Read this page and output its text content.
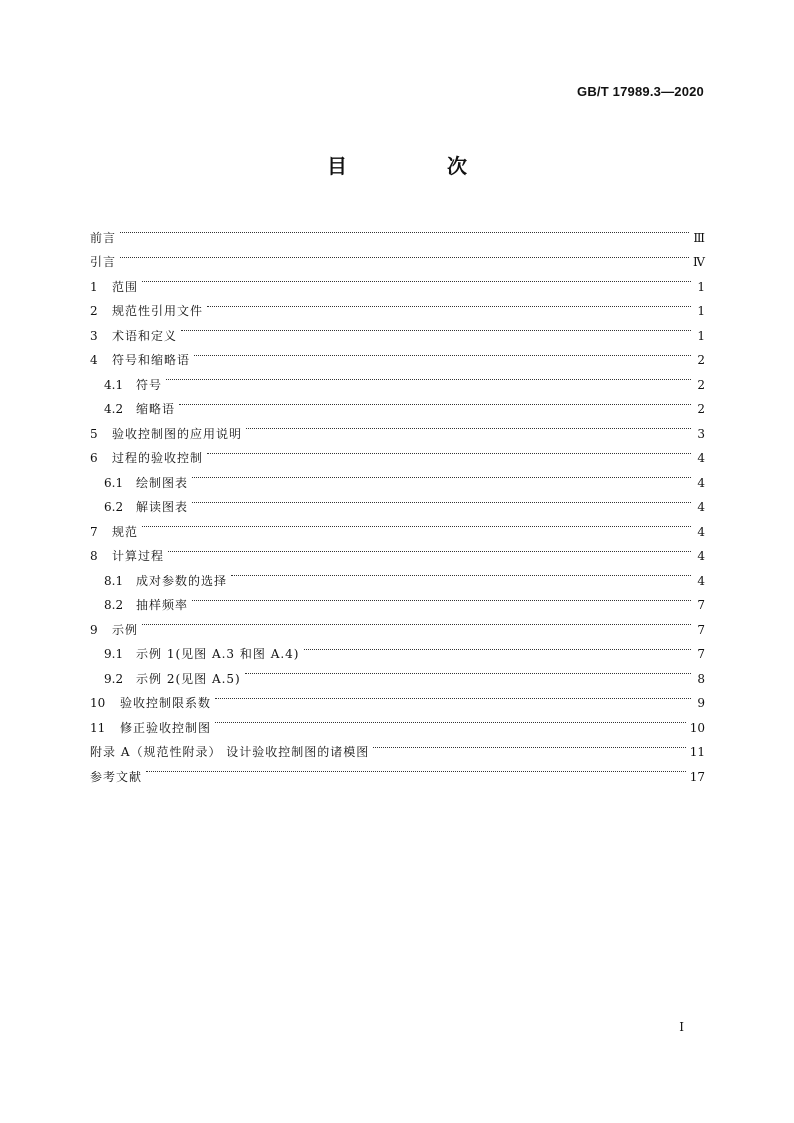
GB/T 17989.3—2020
目　次
前言	Ⅲ
引言	Ⅳ
1	范围	1
2	规范性引用文件	1
3	术语和定义	1
4	符号和缩略语	2
4.1	符号	2
4.2	缩略语	2
5	验收控制图的应用说明	3
6	过程的验收控制	4
6.1	绘制图表	4
6.2	解读图表	4
7	规范	4
8	计算过程	4
8.1	成对参数的选择	4
8.2	抽样频率	7
9	示例	7
9.1	示例 1(见图 A.3 和图 A.4)	7
9.2	示例 2(见图 A.5)	8
10	验收控制限系数	9
11	修正验收控制图	10
附录 A（规范性附录） 设计验收控制图的诸模图	11
参考文献	17
I
